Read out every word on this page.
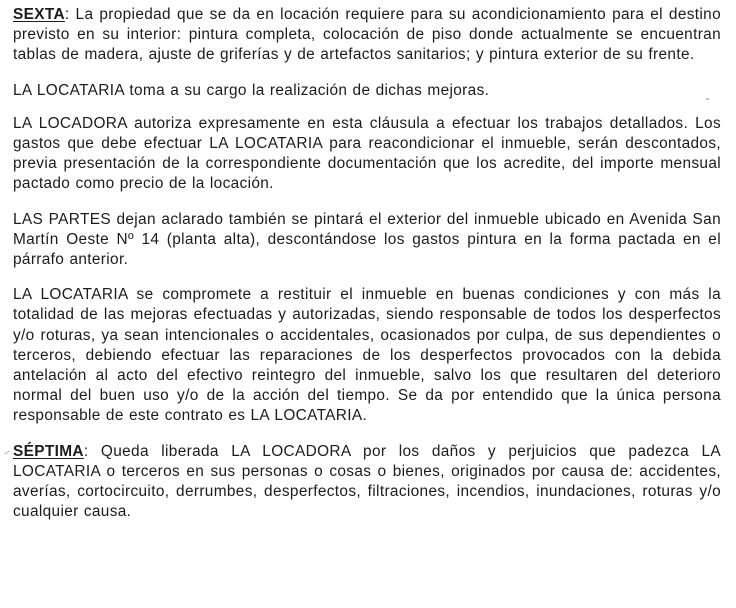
SEXTA: La propiedad que se da en locación requiere para su acondicionamiento para el destino previsto en su interior: pintura completa, colocación de piso donde actualmente se encuentran tablas de madera, ajuste de griferías y de artefactos sanitarios; y pintura exterior de su frente.

LA LOCATARIA toma a su cargo la realización de dichas mejoras.

LA LOCADORA autoriza expresamente en esta cláusula a efectuar los trabajos detallados. Los gastos que debe efectuar LA LOCATARIA para reacondicionar el inmueble, serán descontados, previa presentación de la correspondiente documentación que los acredite, del importe mensual pactado como precio de la locación.

LAS PARTES dejan aclarado también se pintará el exterior del inmueble ubicado en Avenida San Martín Oeste Nº 14 (planta alta), descontándose los gastos pintura en la forma pactada en el párrafo anterior.

LA LOCATARIA se compromete a restituir el inmueble en buenas condiciones y con más la totalidad de las mejoras efectuadas y autorizadas, siendo responsable de todos los desperfectos y/o roturas, ya sean intencionales o accidentales, ocasionados por culpa, de sus dependientes o terceros, debiendo efectuar las reparaciones de los desperfectos provocados con la debida antelación al acto del efectivo reintegro del inmueble, salvo los que resultaren del deterioro normal del buen uso y/o de la acción del tiempo. Se da por entendido que la única persona responsable de este contrato es LA LOCATARIA.

SÉPTIMA: Queda liberada LA LOCADORA por los daños y perjuicios que padezca LA LOCATARIA o terceros en sus personas o cosas o bienes, originados por causa de: accidentes, averías, cortocircuito, derrumbes, desperfectos, filtraciones, incendios, inundaciones, roturas y/o cualquier causa.
